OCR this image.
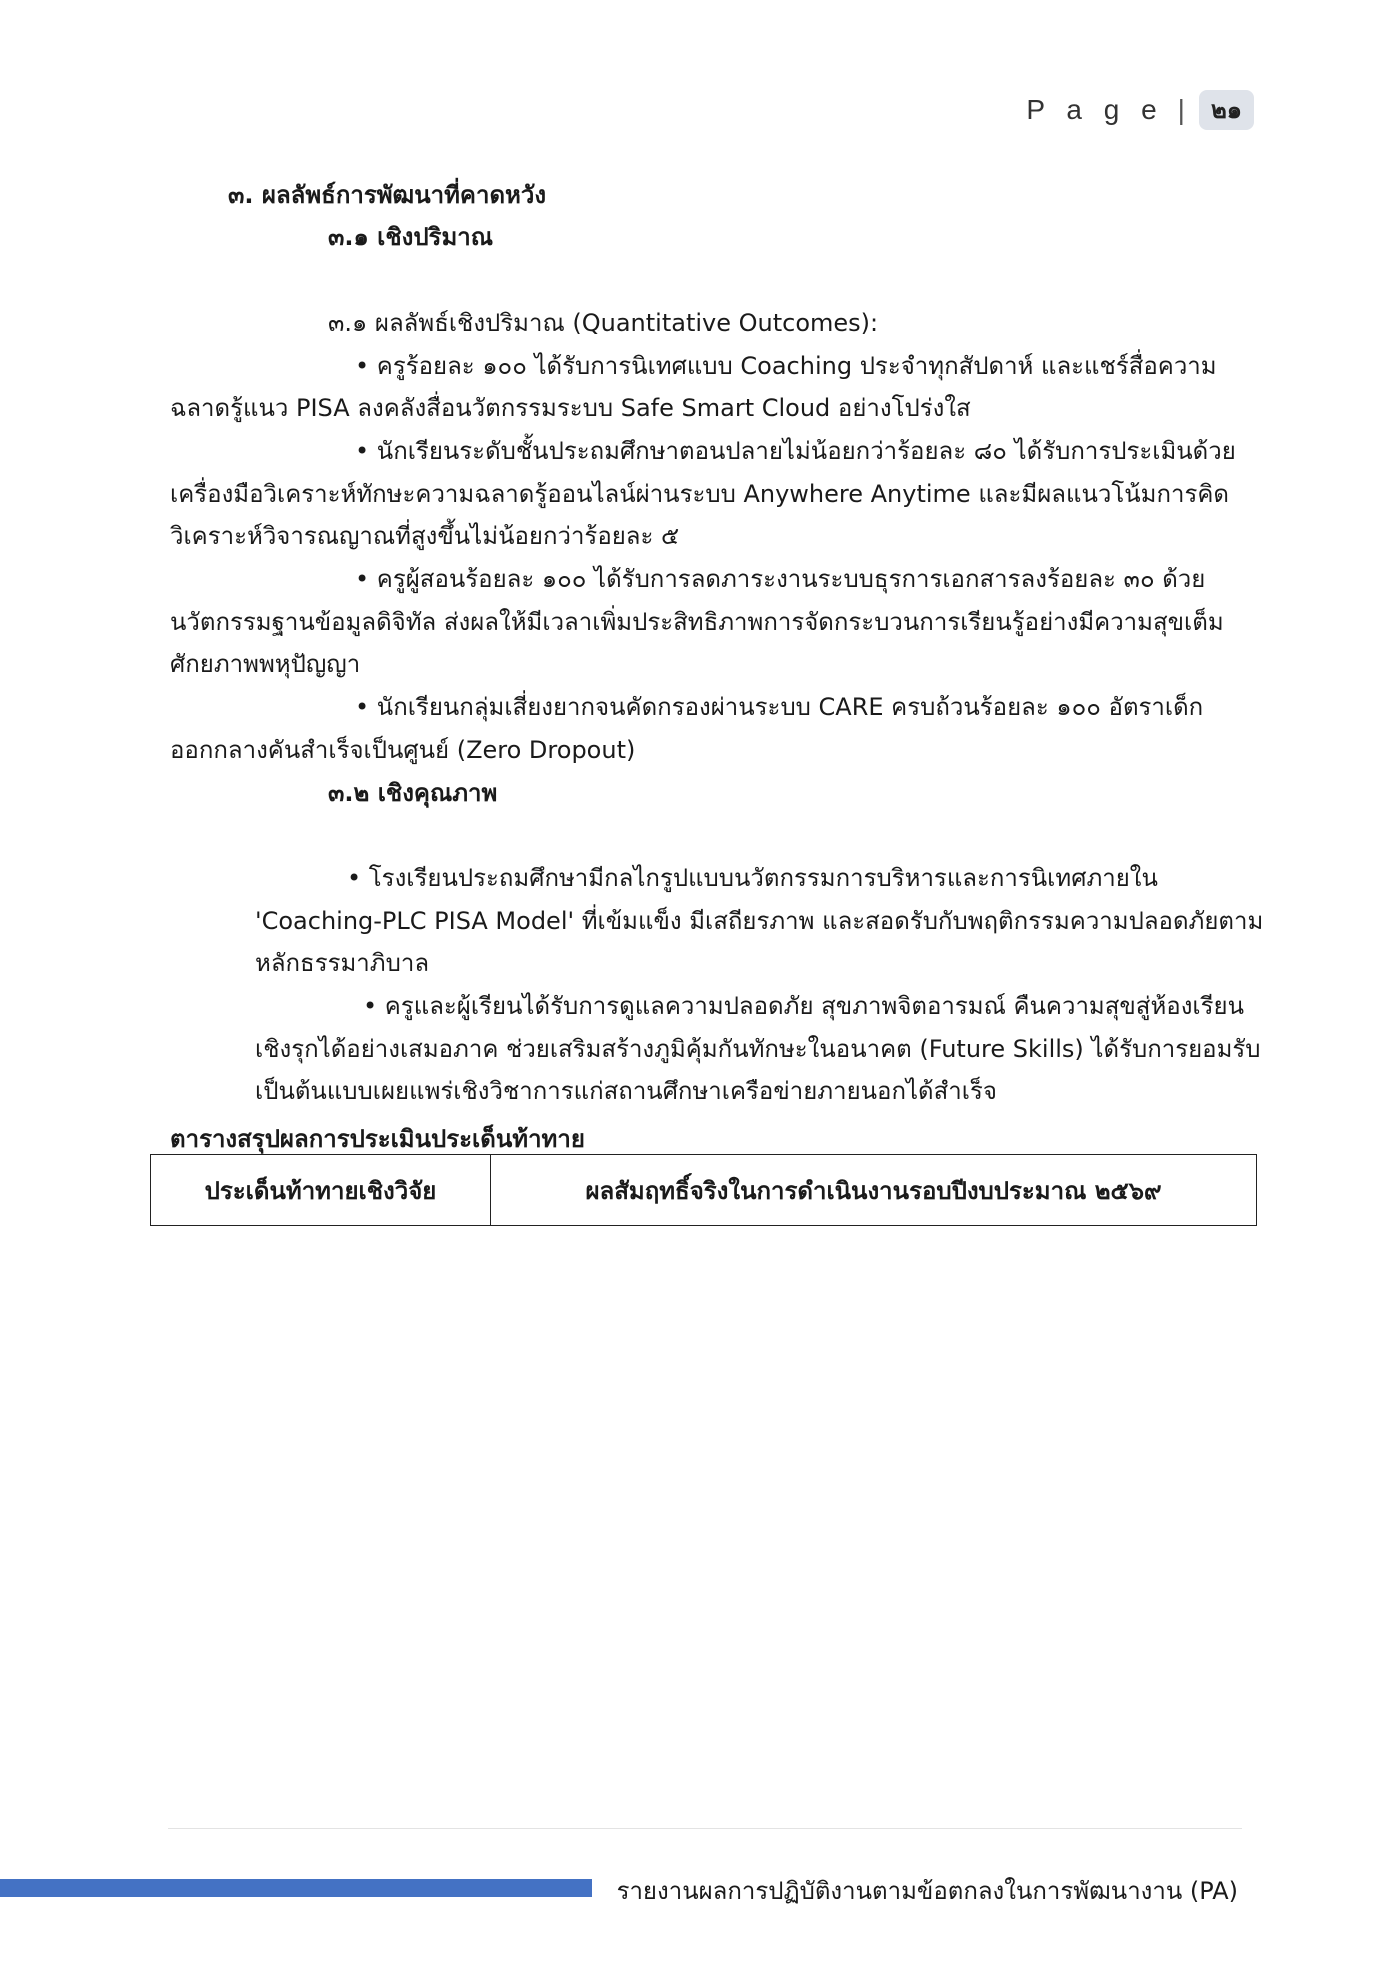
P a g e |	๒๑
๓. ผลลัพธ์การพัฒนาที่คาดหวัง
๓.๑ เชิงปริมาณ
๓.๑ ผลลัพธ์เชิงปริมาณ (Quantitative Outcomes):
• ครูร้อยละ ๑๐๐ ได้รับการนิเทศแบบ Coaching ประจำทุกสัปดาห์ และแชร์สื่อความ
ฉลาดรู้แนว PISA ลงคลังสื่อนวัตกรรมระบบ Safe Smart Cloud อย่างโปร่งใส
• นักเรียนระดับชั้นประถมศึกษาตอนปลายไม่น้อยกว่าร้อยละ ๘๐ ได้รับการประเมินด้วย
เครื่องมือวิเคราะห์ทักษะความฉลาดรู้ออนไลน์ผ่านระบบ Anywhere Anytime และมีผลแนวโน้มการคิด
วิเคราะห์วิจารณญาณที่สูงขึ้นไม่น้อยกว่าร้อยละ ๕
• ครูผู้สอนร้อยละ ๑๐๐ ได้รับการลดภาระงานระบบธุรการเอกสารลงร้อยละ ๓๐ ด้วย
นวัตกรรมฐานข้อมูลดิจิทัล ส่งผลให้มีเวลาเพิ่มประสิทธิภาพการจัดกระบวนการเรียนรู้อย่างมีความสุขเต็ม
ศักยภาพพหุปัญญา
• นักเรียนกลุ่มเสี่ยงยากจนคัดกรองผ่านระบบ CARE ครบถ้วนร้อยละ ๑๐๐ อัตราเด็ก
ออกกลางคันสำเร็จเป็นศูนย์ (Zero Dropout)
๓.๒ เชิงคุณภาพ
• โรงเรียนประถมศึกษามีกลไกรูปแบบนวัตกรรมการบริหารและการนิเทศภายใน
'Coaching-PLC PISA Model' ที่เข้มแข็ง มีเสถียรภาพ และสอดรับกับพฤติกรรมความปลอดภัยตาม
หลักธรรมาภิบาล
• ครูและผู้เรียนได้รับการดูแลความปลอดภัย สุขภาพจิตอารมณ์ คืนความสุขสู่ห้องเรียน
เชิงรุกได้อย่างเสมอภาค ช่วยเสริมสร้างภูมิคุ้มกันทักษะในอนาคต (Future Skills) ได้รับการยอมรับ
เป็นต้นแบบเผยแพร่เชิงวิชาการแก่สถานศึกษาเครือข่ายภายนอกได้สำเร็จ
ตารางสรุปผลการประเมินประเด็นท้าทาย
ประเด็นท้าทายเชิงวิจัย	ผลสัมฤทธิ์จริงในการดำเนินงานรอบปีงบประมาณ ๒๕๖๙
รายงานผลการปฏิบัติงานตามข้อตกลงในการพัฒนางาน (PA)
